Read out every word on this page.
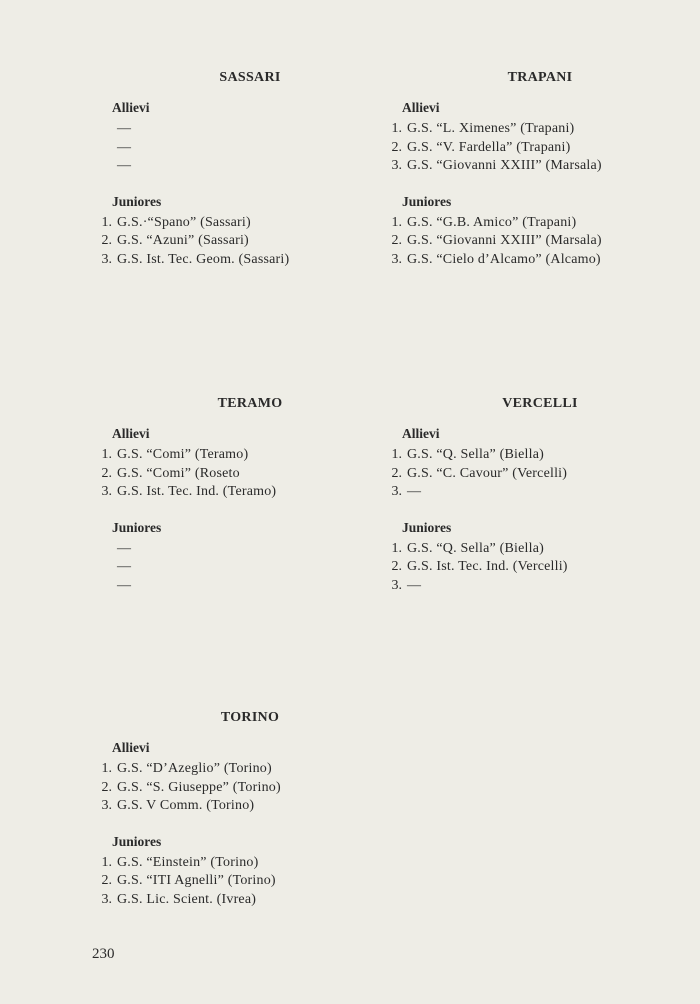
SASSARI
Allievi
—
—
—
Juniores
1. G.S.·“Spano” (Sassari)
2. G.S. “Azuni” (Sassari)
3. G.S. Ist. Tec. Geom. (Sassari)
TRAPANI
Allievi
1. G.S. “L. Ximenes” (Trapani)
2. G.S. “V. Fardella” (Trapani)
3. G.S. “Giovanni XXIII” (Marsala)
Juniores
1. G.S. “G.B. Amico” (Trapani)
2. G.S. “Giovanni XXIII” (Marsala)
3. G.S. “Cielo d’Alcamo” (Alcamo)
TERAMO
Allievi
1. G.S. “Comi” (Teramo)
2. G.S. “Comi” (Roseto
3. G.S. Ist. Tec. Ind. (Teramo)
Juniores
—
—
—
VERCELLI
Allievi
1. G.S. “Q. Sella” (Biella)
2. G.S. “C. Cavour” (Vercelli)
3. —
Juniores
1. G.S. “Q. Sella” (Biella)
2. G.S. Ist. Tec. Ind. (Vercelli)
3. —
TORINO
Allievi
1. G.S. “D’Azeglio” (Torino)
2. G.S. “S. Giuseppe” (Torino)
3. G.S. V Comm. (Torino)
Juniores
1. G.S. “Einstein” (Torino)
2. G.S. “ITI Agnelli” (Torino)
3. G.S. Lic. Scient. (Ivrea)
230
